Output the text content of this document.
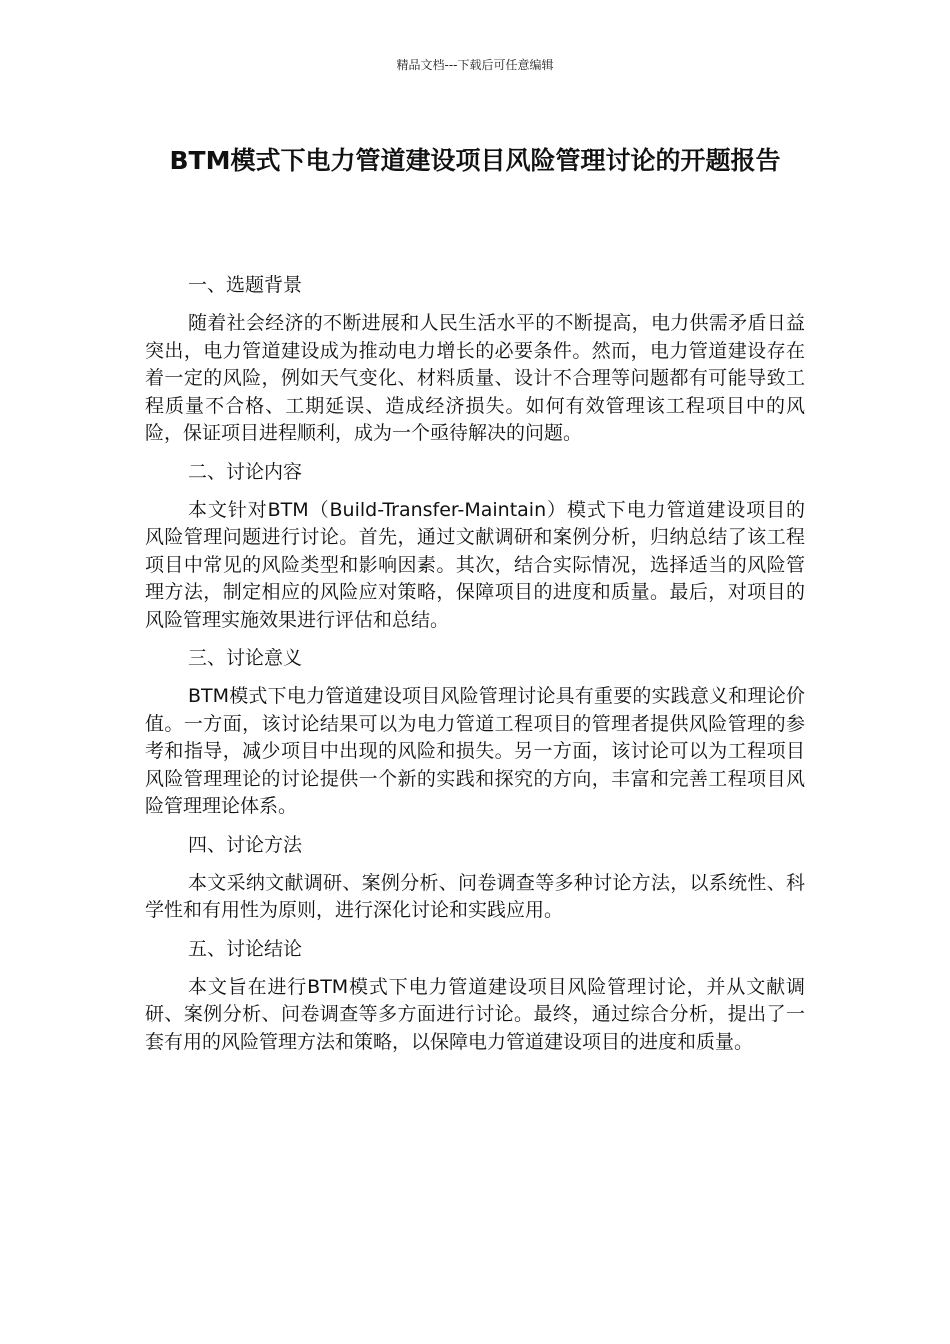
精品文档---下载后可任意编辑
BTM模式下电力管道建设项目风险管理讨论的开题报告
一、选题背景

随着社会经济的不断进展和人民生活水平的不断提高，电力供需矛盾日益突出，电力管道建设成为推动电力增长的必要条件。然而，电力管道建设存在着一定的风险，例如天气变化、材料质量、设计不合理等问题都有可能导致工程质量不合格、工期延误、造成经济损失。如何有效管理该工程项目中的风险，保证项目进程顺利，成为一个亟待解决的问题。

二、讨论内容

本文针对BTM（Build-Transfer-Maintain）模式下电力管道建设项目的风险管理问题进行讨论。首先，通过文献调研和案例分析，归纳总结了该工程项目中常见的风险类型和影响因素。其次，结合实际情况，选择适当的风险管理方法，制定相应的风险应对策略，保障项目的进度和质量。最后，对项目的风险管理实施效果进行评估和总结。

三、讨论意义

BTM模式下电力管道建设项目风险管理讨论具有重要的实践意义和理论价值。一方面，该讨论结果可以为电力管道工程项目的管理者提供风险管理的参考和指导，减少项目中出现的风险和损失。另一方面，该讨论可以为工程项目风险管理理论的讨论提供一个新的实践和探究的方向，丰富和完善工程项目风险管理理论体系。

四、讨论方法

本文采纳文献调研、案例分析、问卷调查等多种讨论方法，以系统性、科学性和有用性为原则，进行深化讨论和实践应用。

五、讨论结论

本文旨在进行BTM模式下电力管道建设项目风险管理讨论，并从文献调研、案例分析、问卷调查等多方面进行讨论。最终，通过综合分析，提出了一套有用的风险管理方法和策略，以保障电力管道建设项目的进度和质量。
